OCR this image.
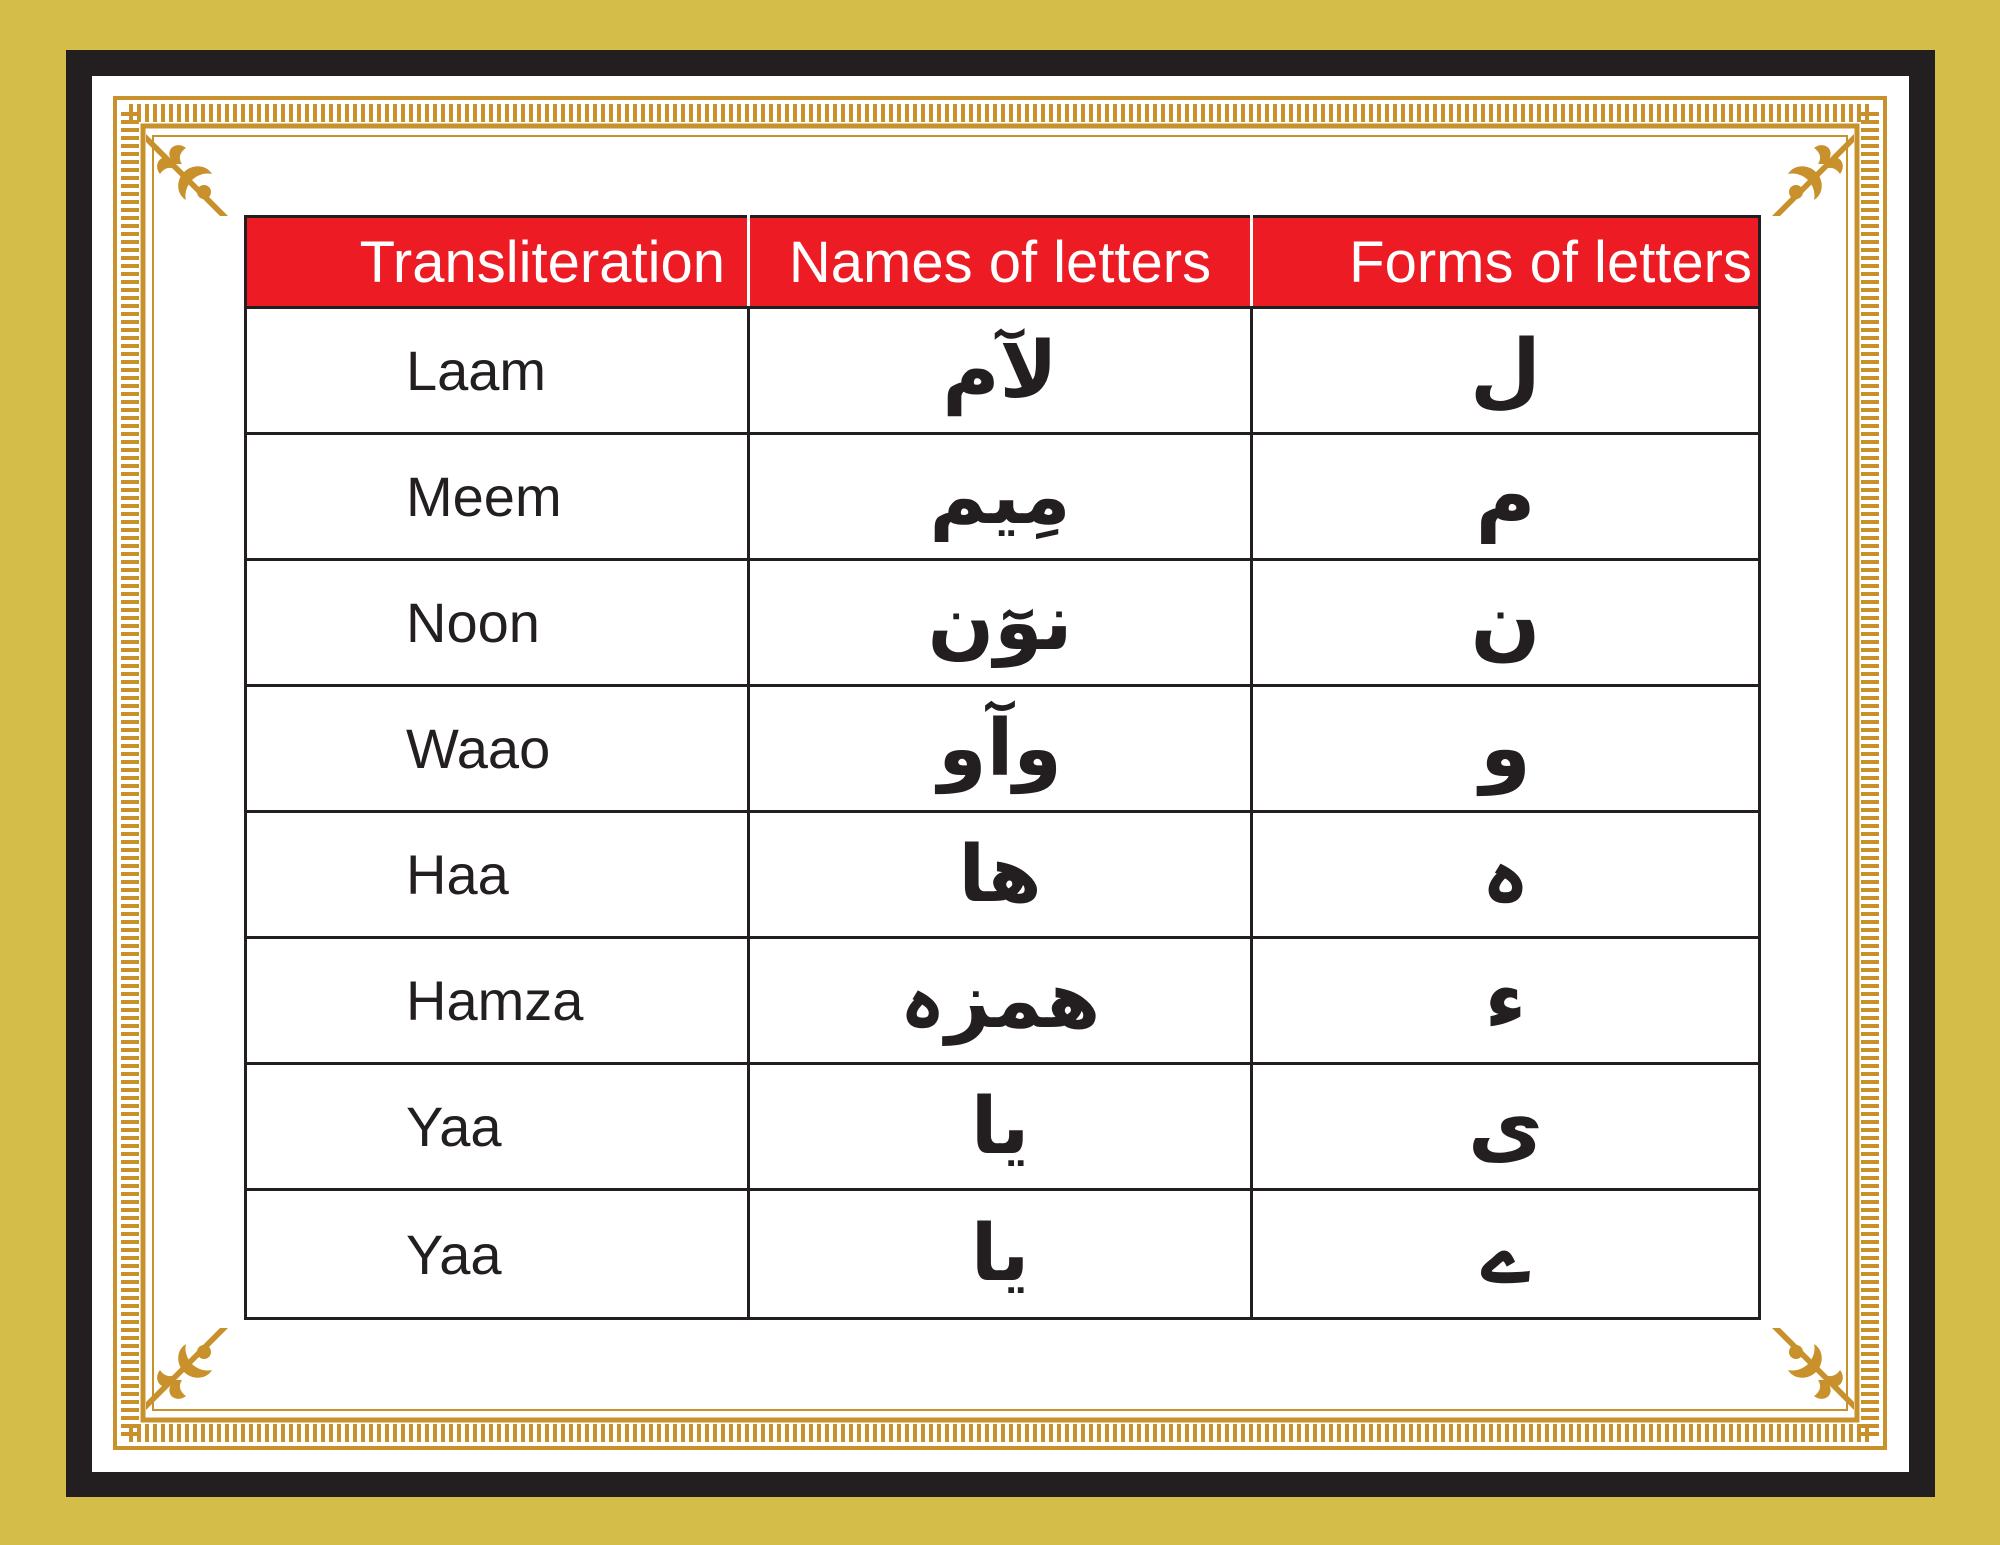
Transliteration	Names of letters	Forms of letters
Laam	لآم	ل
Meem	مِیم	م
Noon	نوٓن	ن
Waao	وآو	و
Haa	ھا	ہ
Hamza	ھمزہ	ء
Yaa	یا	ی
Yaa	یا	ے
